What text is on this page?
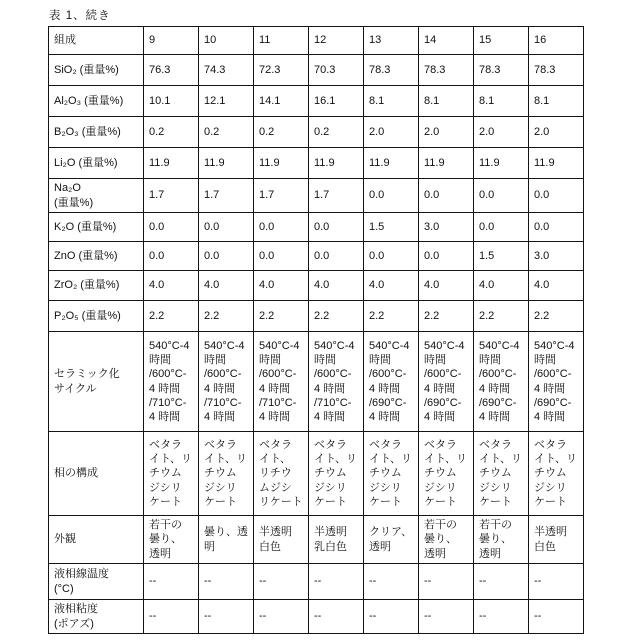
表 1、続き
組成	9	10	11	12	13	14	15	16
SiO₂ (重量%)	76.3	74.3	72.3	70.3	78.3	78.3	78.3	78.3
Al₂O₃ (重量%)	10.1	12.1	14.1	16.1	8.1	8.1	8.1	8.1
B₂O₃ (重量%)	0.2	0.2	0.2	0.2	2.0	2.0	2.0	2.0
Li₂O (重量%)	11.9	11.9	11.9	11.9	11.9	11.9	11.9	11.9
Na₂O
(重量%)	1.7	1.7	1.7	1.7	0.0	0.0	0.0	0.0
K₂O (重量%)	0.0	0.0	0.0	0.0	1.5	3.0	0.0	0.0
ZnO (重量%)	0.0	0.0	0.0	0.0	0.0	0.0	1.5	3.0
ZrO₂ (重量%)	4.0	4.0	4.0	4.0	4.0	4.0	4.0	4.0
P₂O₅ (重量%)	2.2	2.2	2.2	2.2	2.2	2.2	2.2	2.2
セラミック化
サイクル	540°C-4
時間
/600°C-
4 時間
/710°C-
4 時間	540°C-4
時間
/600°C-
4 時間
/710°C-
4 時間	540°C-4
時間
/600°C-
4 時間
/710°C-
4 時間	540°C-4
時間
/600°C-
4 時間
/710°C-
4 時間	540°C-4
時間
/600°C-
4 時間
/690°C-
4 時間	540°C-4
時間
/600°C-
4 時間
/690°C-
4 時間	540°C-4
時間
/600°C-
4 時間
/690°C-
4 時間	540°C-4
時間
/600°C-
4 時間
/690°C-
4 時間
相の構成	ベタラ
イト、リ
チウム
ジシリ
ケート	ベタラ
イト、リ
チウム
ジシリ
ケート	ベタラ
イト、
リチウ
ムジシ
リケート	ベタラ
イト、リ
チウム
ジシリ
ケート	ベタラ
イト、リ
チウム
ジシリ
ケート	ベタラ
イト、リ
チウム
ジシリ
ケート	ベタラ
イト、リ
チウム
ジシリ
ケート	ベタラ
イト、リ
チウム
ジシリ
ケート
外観	若干の
曇り、
透明	曇り、透
明	半透明
白色	半透明
乳白色	クリア、
透明	若干の
曇り、
透明	若干の
曇り、
透明	半透明
白色
液相線温度
(°C)	--	--	--	--	--	--	--	--
液相粘度
(ポアズ)	--	--	--	--	--	--	--	--
